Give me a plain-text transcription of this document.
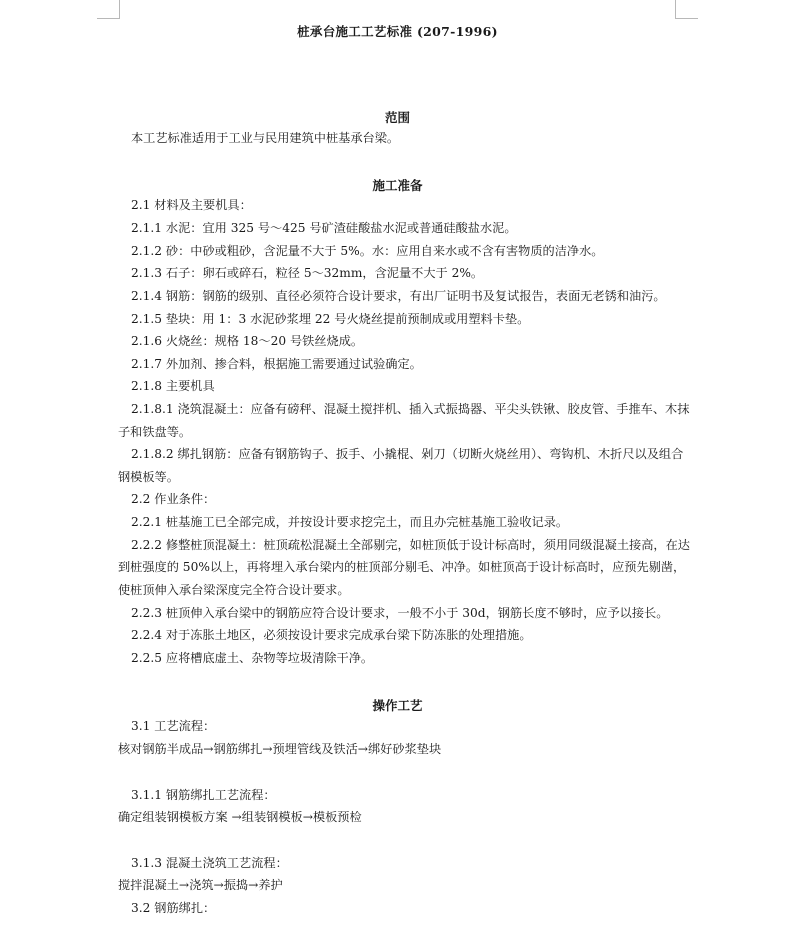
桩承台施工工艺标准 (207-1996)
范围
本工艺标准适用于工业与民用建筑中桩基承台梁。
施工准备
2.1 材料及主要机具：
2.1.1 水泥：宜用 325 号～425 号矿渣硅酸盐水泥或普通硅酸盐水泥。
2.1.2 砂：中砂或粗砂，含泥量不大于 5%。水：应用自来水或不含有害物质的洁净水。
2.1.3 石子：卵石或碎石，粒径 5～32mm，含泥量不大于 2%。
2.1.4 钢筋：钢筋的级别、直径必须符合设计要求，有出厂证明书及复试报告，表面无老锈和油污。
2.1.5 垫块：用 1：3 水泥砂浆埋 22 号火烧丝提前预制成或用塑料卡垫。
2.1.6 火烧丝：规格 18～20 号铁丝烧成。
2.1.7 外加剂、掺合料，根据施工需要通过试验确定。
2.1.8 主要机具
2.1.8.1 浇筑混凝土：应备有磅秤、混凝土搅拌机、插入式振捣器、平尖头铁锹、胶皮管、手推车、木抹
子和铁盘等。
2.1.8.2 绑扎钢筋：应备有钢筋钩子、扳手、小撬棍、剁刀（切断火烧丝用）、弯钩机、木折尺以及组合
钢模板等。
2.2 作业条件：
2.2.1 桩基施工已全部完成，并按设计要求挖完土，而且办完桩基施工验收记录。
2.2.2 修整桩顶混凝土：桩顶疏松混凝土全部剔完，如桩顶低于设计标高时，须用同级混凝土接高，在达
到桩强度的 50%以上，再将埋入承台梁内的桩顶部分剔毛、冲净。如桩顶高于设计标高时，应预先剔凿，
使桩顶伸入承台梁深度完全符合设计要求。
2.2.3 桩顶伸入承台梁中的钢筋应符合设计要求，一般不小于 30d，钢筋长度不够时，应予以接长。
2.2.4 对于冻胀土地区，必须按设计要求完成承台梁下防冻胀的处理措施。
2.2.5 应将槽底虚土、杂物等垃圾清除干净。
操作工艺
3.1 工艺流程：
核对钢筋半成品→钢筋绑扎→预埋管线及铁活→绑好砂浆垫块
3.1.1 钢筋绑扎工艺流程：
确定组装钢模板方案 →组装钢模板→模板预检
3.1.3 混凝土浇筑工艺流程：
搅拌混凝土→浇筑→振捣→养护
3.2 钢筋绑扎：
